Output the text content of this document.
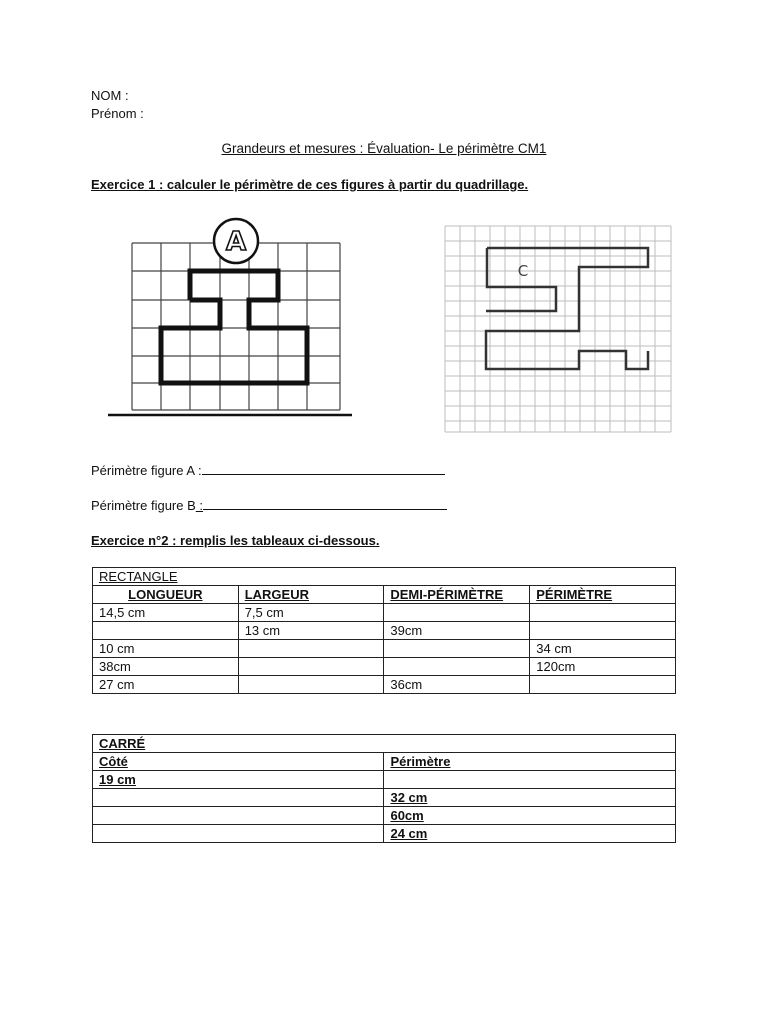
NOM :
Prénom :
Grandeurs et mesures : Évaluation- Le périmètre CM1
Exercice 1 : calculer le périmètre de ces figures à partir du quadrillage.
A
C
Périmètre figure A :
Périmètre figure B :
Exercice n°2 : remplis les tableaux ci-dessous.
RECTANGLE			
LONGUEUR	LARGEUR	DEMI-PÉRIMÈTRE	PÉRIMÈTRE
14,5 cm	7,5 cm		
	13 cm	39cm	
10 cm			34 cm
38cm			120cm
27 cm		36cm	
CARRÉ	
Côté	Périmètre
19 cm	
	32 cm
	60cm
	24 cm
